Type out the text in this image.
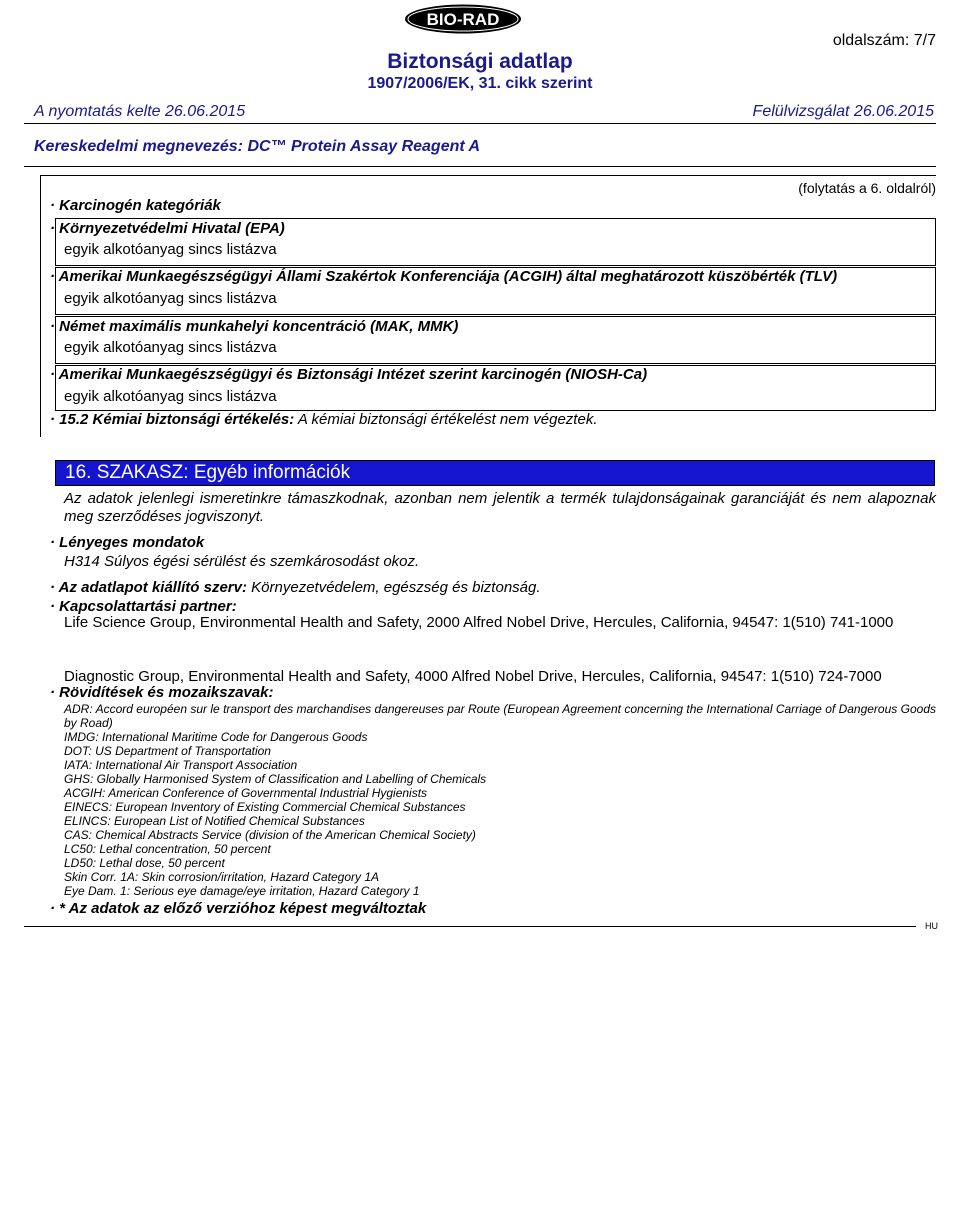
BIO-RAD
oldalszám: 7/7
Biztonsági adatlap
1907/2006/EK, 31. cikk szerint
A nyomtatás kelte 26.06.2015	Felülvizsgálat 26.06.2015
Kereskedelmi megnevezés: DC™ Protein Assay Reagent A
(folytatás a 6. oldalról)
· Karcinogén kategóriák
· Környezetvédelmi Hivatal (EPA)
egyik alkotóanyag sincs listázva
· Amerikai Munkaegészségügyi Állami Szakértok Konferenciája (ACGIH) által meghatározott küszöbérték (TLV)
egyik alkotóanyag sincs listázva
· Német maximális munkahelyi koncentráció (MAK, MMK)
egyik alkotóanyag sincs listázva
· Amerikai Munkaegészségügyi és Biztonsági Intézet szerint karcinogén (NIOSH-Ca)
egyik alkotóanyag sincs listázva
· 15.2 Kémiai biztonsági értékelés: A kémiai biztonsági értékelést nem végeztek.
16. SZAKASZ: Egyéb információk
Az adatok jelenlegi ismeretinkre támaszkodnak, azonban nem jelentik a termék tulajdonságainak garanciáját és nem alapoznak meg szerződéses jogviszonyt.
· Lényeges mondatok
H314 Súlyos égési sérülést és szemkárosodást okoz.
· Az adatlapot kiállító szerv: Környezetvédelem, egészség és biztonság.
· Kapcsolattartási partner:
Life Science Group, Environmental Health and Safety, 2000 Alfred Nobel Drive, Hercules, California, 94547: 1(510) 741-1000
Diagnostic Group, Environmental Health and Safety, 4000 Alfred Nobel Drive, Hercules, California, 94547: 1(510) 724-7000
· Rövidítések és mozaikszavak:
ADR: Accord européen sur le transport des marchandises dangereuses par Route (European Agreement concerning the International Carriage of Dangerous Goods by Road)
IMDG: International Maritime Code for Dangerous Goods
DOT: US Department of Transportation
IATA: International Air Transport Association
GHS: Globally Harmonised System of Classification and Labelling of Chemicals
ACGIH: American Conference of Governmental Industrial Hygienists
EINECS: European Inventory of Existing Commercial Chemical Substances
ELINCS: European List of Notified Chemical Substances
CAS: Chemical Abstracts Service (division of the American Chemical Society)
LC50: Lethal concentration, 50 percent
LD50: Lethal dose, 50 percent
Skin Corr. 1A: Skin corrosion/irritation, Hazard Category 1A
Eye Dam. 1: Serious eye damage/eye irritation, Hazard Category 1
· * Az adatok az előző verzióhoz képest megváltoztak
HU
